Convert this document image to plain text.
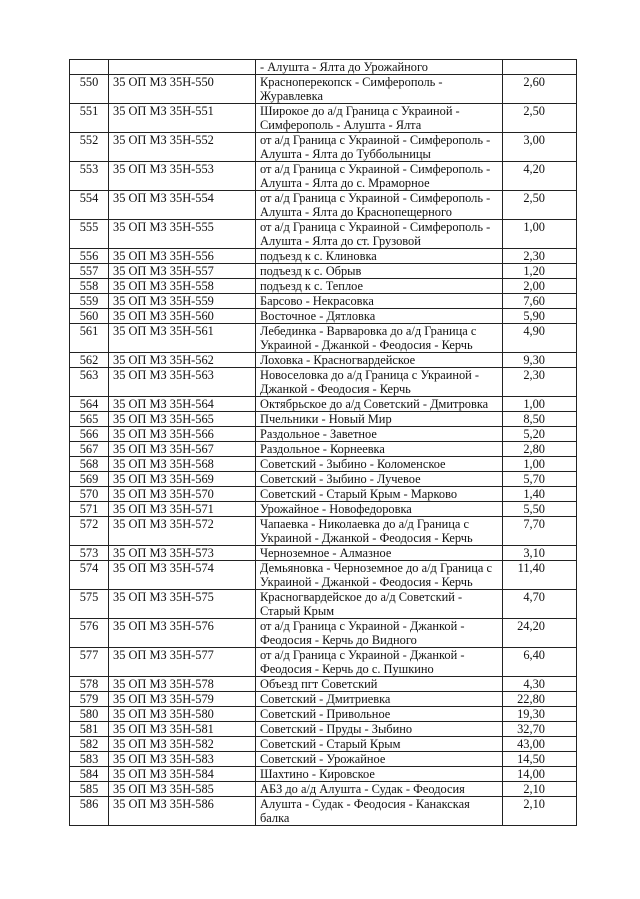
		- Алушта - Ялта до Урожайного	
550	35 ОП МЗ 35Н-550	Красноперекопск - Симферополь - Журавлевка	2,60
551	35 ОП МЗ 35Н-551	Широкое до а/д Граница с Украиной - Симферополь - Алушта - Ялта	2,50
552	35 ОП МЗ 35Н-552	от а/д Граница с Украиной - Симферополь - Алушта - Ялта до Тубболыницы	3,00
553	35 ОП МЗ 35Н-553	от а/д Граница с Украиной - Симферополь - Алушта - Ялта до с. Мраморное	4,20
554	35 ОП МЗ 35Н-554	от а/д Граница с Украиной - Симферополь - Алушта - Ялта до Краснопещерного	2,50
555	35 ОП МЗ 35Н-555	от а/д Граница с Украиной - Симферополь - Алушта - Ялта до ст. Грузовой	1,00
556	35 ОП МЗ 35Н-556	подъезд к с. Клиновка	2,30
557	35 ОП МЗ 35Н-557	подъезд к с. Обрыв	1,20
558	35 ОП МЗ 35Н-558	подъезд к с. Теплое	2,00
559	35 ОП МЗ 35Н-559	Барсово - Некрасовка	7,60
560	35 ОП МЗ 35Н-560	Восточное - Дятловка	5,90
561	35 ОП МЗ 35Н-561	Лебединка - Варваровка до а/д Граница с Украиной - Джанкой - Феодосия - Керчь	4,90
562	35 ОП МЗ 35Н-562	Лоховка - Красногвардейское	9,30
563	35 ОП МЗ 35Н-563	Новоселовка до а/д Граница с Украиной - Джанкой - Феодосия - Керчь	2,30
564	35 ОП МЗ 35Н-564	Октябрьское до а/д Советский - Дмитровка	1,00
565	35 ОП МЗ 35Н-565	Пчельники - Новый Мир	8,50
566	35 ОП МЗ 35Н-566	Раздольное - Заветное	5,20
567	35 ОП МЗ 35Н-567	Раздольное - Корнеевка	2,80
568	35 ОП МЗ 35Н-568	Советский - Зыбино - Коломенское	1,00
569	35 ОП МЗ 35Н-569	Советский - Зыбино - Лучевое	5,70
570	35 ОП МЗ 35Н-570	Советский - Старый Крым - Марково	1,40
571	35 ОП МЗ 35Н-571	Урожайное - Новофедоровка	5,50
572	35 ОП МЗ 35Н-572	Чапаевка - Николаевка до а/д Граница с Украиной - Джанкой - Феодосия - Керчь	7,70
573	35 ОП МЗ 35Н-573	Черноземное - Алмазное	3,10
574	35 ОП МЗ 35Н-574	Демьяновка - Черноземное до а/д Граница с Украиной - Джанкой - Феодосия - Керчь	11,40
575	35 ОП МЗ 35Н-575	Красногвардейское до а/д Советский - Старый Крым	4,70
576	35 ОП МЗ 35Н-576	от а/д Граница с Украиной - Джанкой - Феодосия - Керчь до Видного	24,20
577	35 ОП МЗ 35Н-577	от а/д Граница с Украиной - Джанкой - Феодосия - Керчь до с. Пушкино	6,40
578	35 ОП МЗ 35Н-578	Объезд пгт Советский	4,30
579	35 ОП МЗ 35Н-579	Советский - Дмитриевка	22,80
580	35 ОП МЗ 35Н-580	Советский - Привольное	19,30
581	35 ОП МЗ 35Н-581	Советский - Пруды - Зыбино	32,70
582	35 ОП МЗ 35Н-582	Советский - Старый Крым	43,00
583	35 ОП МЗ 35Н-583	Советский - Урожайное	14,50
584	35 ОП МЗ 35Н-584	Шахтино - Кировское	14,00
585	35 ОП МЗ 35Н-585	АБЗ до а/д Алушта - Судак - Феодосия	2,10
586	35 ОП МЗ 35Н-586	Алушта - Судак - Феодосия - Канакская балка	2,10
